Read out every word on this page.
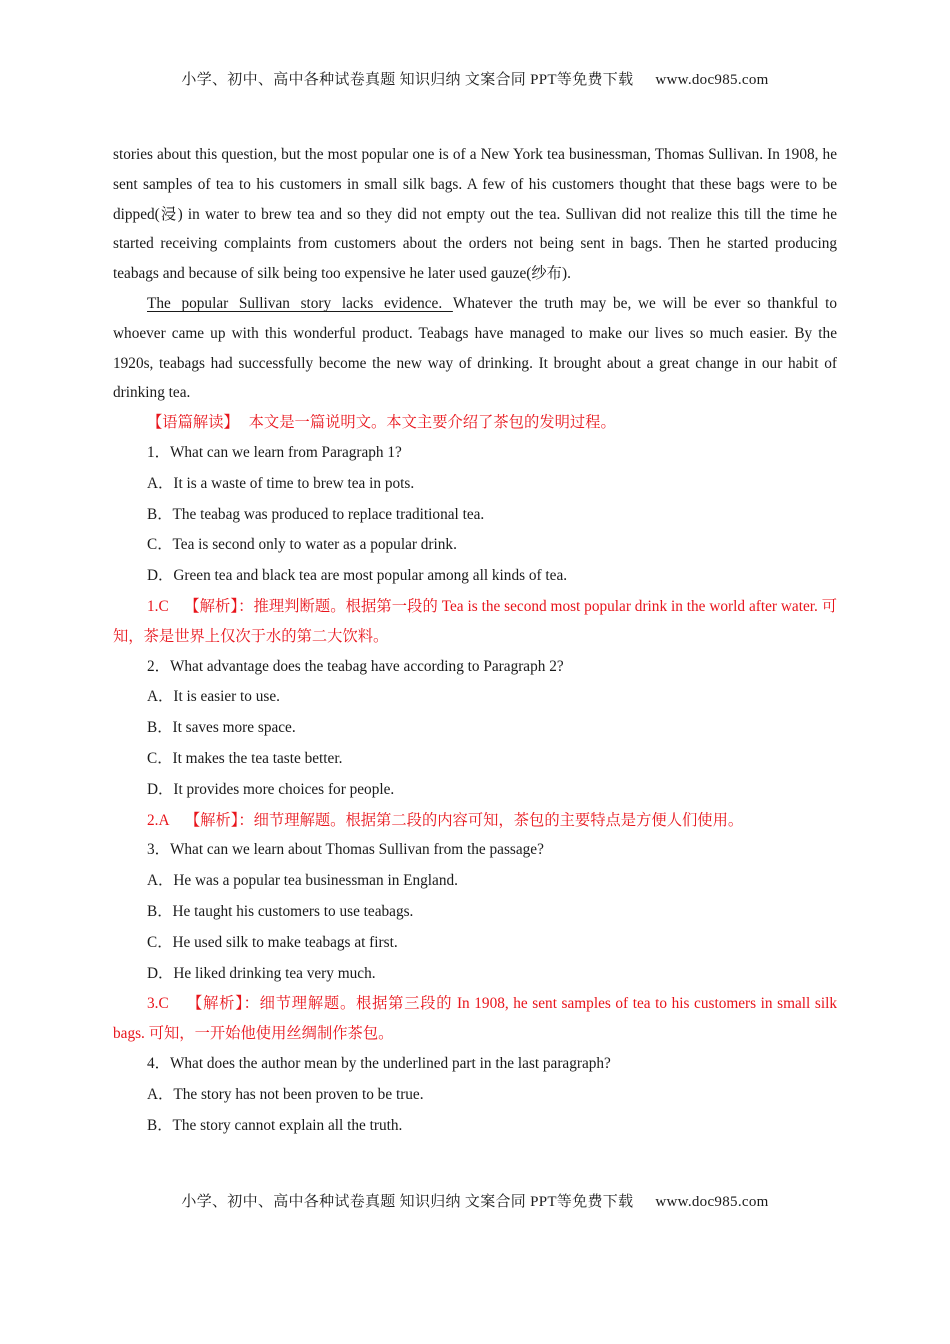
小学、初中、高中各种试卷真题 知识归纳 文案合同 PPT等免费下载 www.doc985.com

stories about this question, but the most popular one is of a New York tea businessman, Thomas Sullivan. In 1908, he sent samples of tea to his customers in small silk bags. A few of his customers thought that these bags were to be dipped(浸) in water to brew tea and so they did not empty out the tea. Sullivan did not realize this till the time he started receiving complaints from customers about the orders not being sent in bags. Then he started producing teabags and because of silk being too expensive he later used gauze(纱布).

The popular Sullivan story lacks evidence. Whatever the truth may be, we will be ever so thankful to whoever came up with this wonderful product. Teabags have managed to make our lives so much easier. By the 1920s, teabags had successfully become the new way of drinking. It brought about a great change in our habit of drinking tea.

【语篇解读】 本文是一篇说明文。本文主要介绍了茶包的发明过程。

1．What can we learn from Paragraph 1?

A．It is a waste of time to brew tea in pots.

B．The teabag was produced to replace traditional tea.

C．Tea is second only to water as a popular drink.

D．Green tea and black tea are most popular among all kinds of tea.

1.C 【解析】：推理判断题。根据第一段的 Tea is the second most popular drink in the world after water. 可知，茶是世界上仅次于水的第二大饮料。

2．What advantage does the teabag have according to Paragraph 2?

A．It is easier to use.

B．It saves more space.

C．It makes the tea taste better.

D．It provides more choices for people.

2.A 【解析】：细节理解题。根据第二段的内容可知，茶包的主要特点是方便人们使用。

3．What can we learn about Thomas Sullivan from the passage?

A．He was a popular tea businessman in England.

B．He taught his customers to use teabags.

C．He used silk to make teabags at first.

D．He liked drinking tea very much.

3.C 【解析】：细节理解题。根据第三段的 In 1908, he sent samples of tea to his customers in small silk bags. 可知，一开始他使用丝绸制作茶包。

4．What does the author mean by the underlined part in the last paragraph?

A．The story has not been proven to be true.

B．The story cannot explain all the truth.

小学、初中、高中各种试卷真题 知识归纳 文案合同 PPT等免费下载 www.doc985.com
